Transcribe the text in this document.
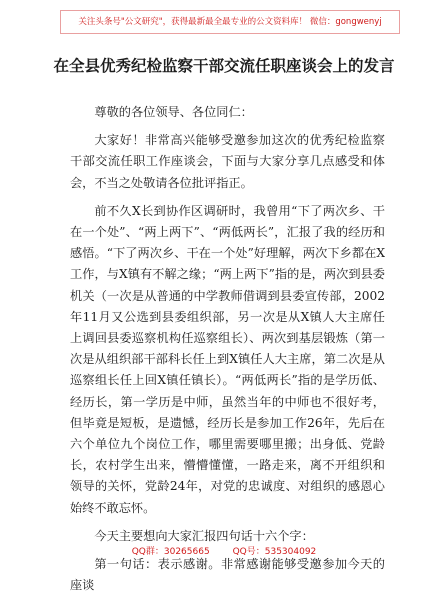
关注头条号"公文研究"，获得最新最全最专业的公文资料库！ 微信：gongwenyj
在全县优秀纪检监察干部交流任职座谈会上的发言

尊敬的各位领导、各位同仁：

大家好！非常高兴能够受邀参加这次的优秀纪检监察干部交流任职工作座谈会，下面与大家分享几点感受和体会，不当之处敬请各位批评指正。

前不久X长到协作区调研时，我曾用“下了两次乡、干在一个处”、“两上两下”、“两低两长”，汇报了我的经历和感悟。“下了两次乡、干在一个处”好理解，两次下乡都在X工作，与X镇有不解之缘；“两上两下”指的是，两次到县委机关（一次是从普通的中学教师借调到县委宣传部，2002年11月又公选到县委组织部，另一次是从X镇人大主席任上调回县委巡察机构任巡察组长）、两次到基层锻炼（第一次是从组织部干部科长任上到X镇任人大主席，第二次是从巡察组长任上回X镇任镇长）。“两低两长”指的是学历低、经历长，第一学历是中师，虽然当年的中师也不很好考，但毕竟是短板，是遗憾，经历长是参加工作26年，先后在六个单位九个岗位工作，哪里需要哪里搬；出身低、党龄长，农村学生出来，懵懵懂懂，一路走来，离不开组织和领导的关怀，党龄24年，对党的忠诚度、对组织的感恩心始终不敢忘怀。

今天主要想向大家汇报四句话十六个字：

第一句话：表示感谢。非常感谢能够受邀参加今天的座谈

QQ群：30265665	QQ号：535304092
